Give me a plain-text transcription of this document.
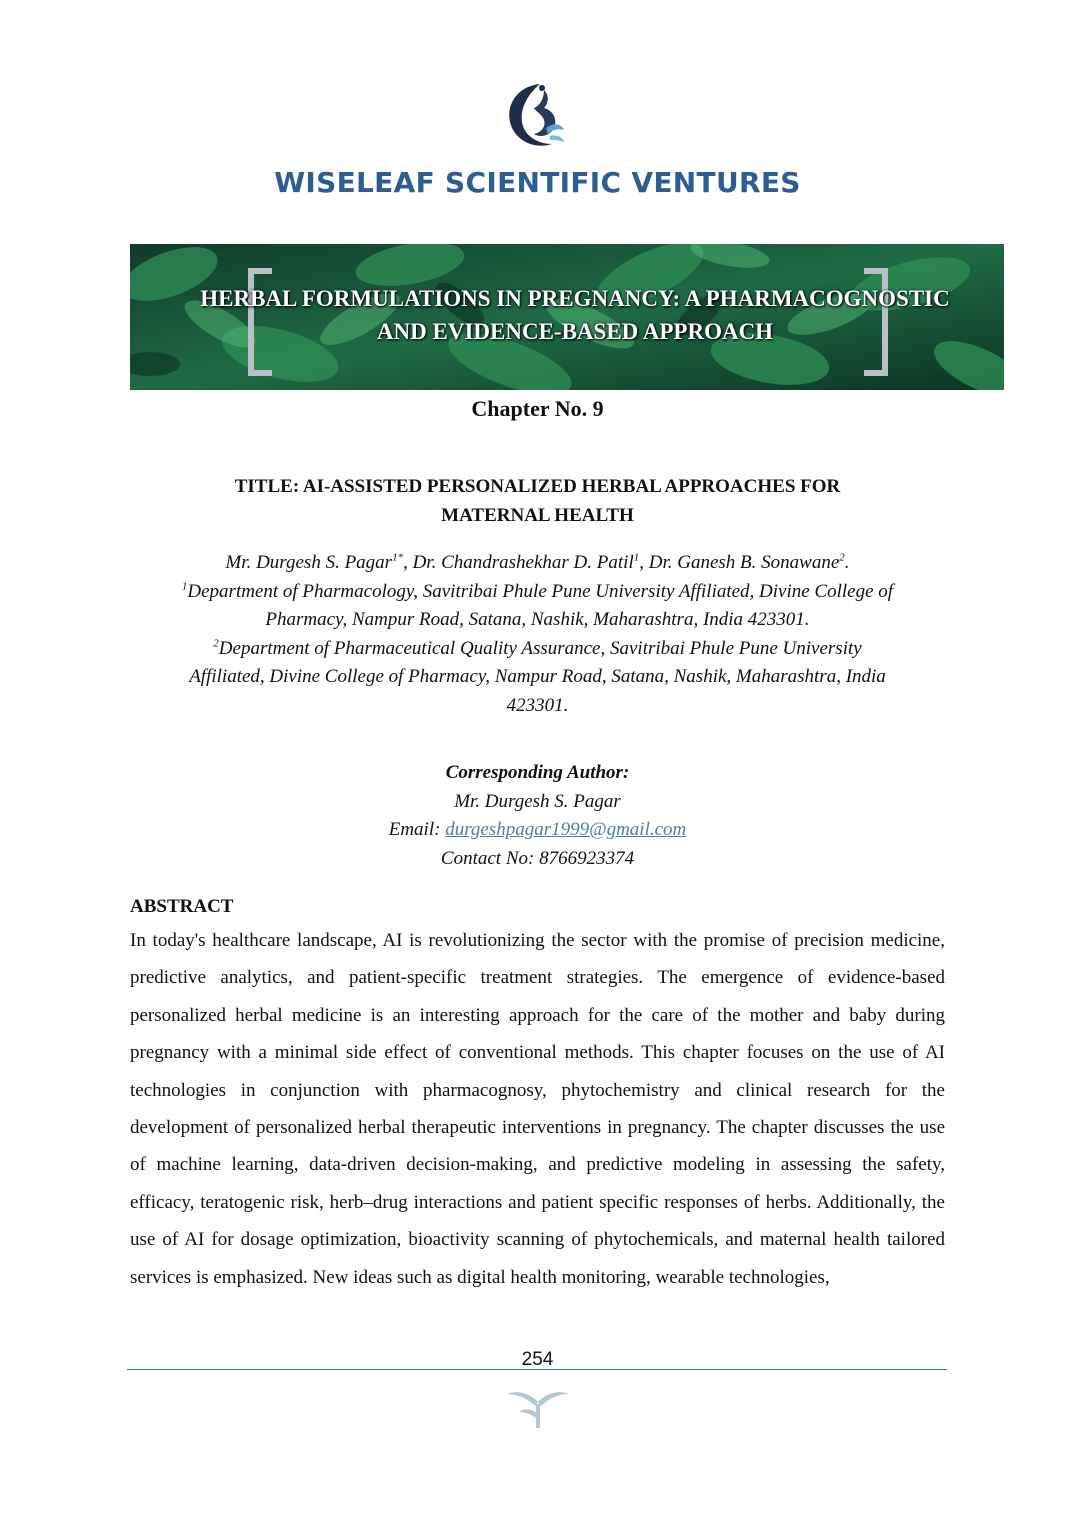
WISELEAF SCIENTIFIC VENTURES
HERBAL FORMULATIONS IN PREGNANCY: A PHARMACOGNOSTIC
AND EVIDENCE-BASED APPROACH
Chapter No. 9
TITLE: AI-ASSISTED PERSONALIZED HERBAL APPROACHES FOR
MATERNAL HEALTH
Mr. Durgesh S. Pagar$^{1*}$, Dr. Chandrashekhar D. Patil$^1$, Dr. Ganesh B. Sonawane$^2$.
$^1$Department of Pharmacology, Savitribai Phule Pune University Affiliated, Divine College of
Pharmacy, Nampur Road, Satana, Nashik, Maharashtra, India 423301.
$^2$Department of Pharmaceutical Quality Assurance, Savitribai Phule Pune University
Affiliated, Divine College of Pharmacy, Nampur Road, Satana, Nashik, Maharashtra, India
423301.
Corresponding Author:
Mr. Durgesh S. Pagar
Email: durgeshpagar1999@gmail.com
Contact No: 8766923374
ABSTRACT

In today's healthcare landscape, AI is revolutionizing the sector with the promise of precision medicine, predictive analytics, and patient-specific treatment strategies. The emergence of evidence-based personalized herbal medicine is an interesting approach for the care of the mother and baby during pregnancy with a minimal side effect of conventional methods. This chapter focuses on the use of AI technologies in conjunction with pharmacognosy, phytochemistry and clinical research for the development of personalized herbal therapeutic interventions in pregnancy. The chapter discusses the use of machine learning, data-driven decision-making, and predictive modeling in assessing the safety, efficacy, teratogenic risk, herb–drug interactions and patient specific responses of herbs. Additionally, the use of AI for dosage optimization, bioactivity scanning of phytochemicals, and maternal health tailored services is emphasized. New ideas such as digital health monitoring, wearable technologies,

254
